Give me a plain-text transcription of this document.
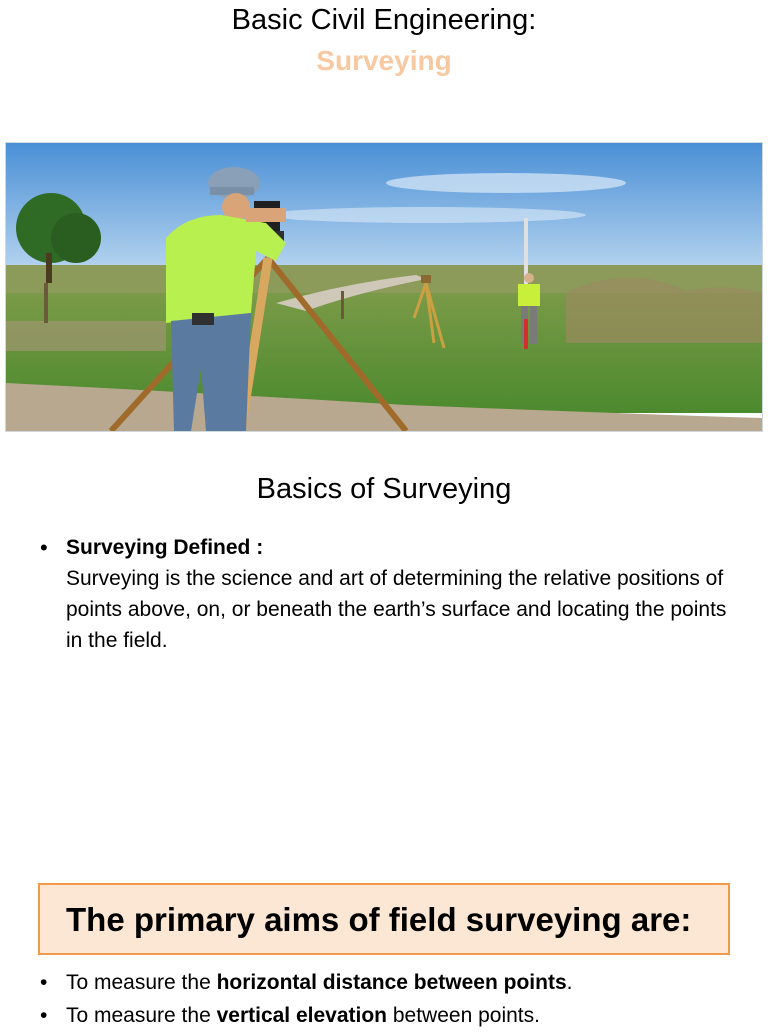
Basic Civil Engineering:
Surveying
Basics of Surveying
• Surveying Defined :
Surveying is the science and art of determining the relative positions of points above, on, or beneath the earth’s surface and locating the points in the field.
The primary aims of field surveying are:
• To measure the horizontal distance between points.
• To measure the vertical elevation between points.
